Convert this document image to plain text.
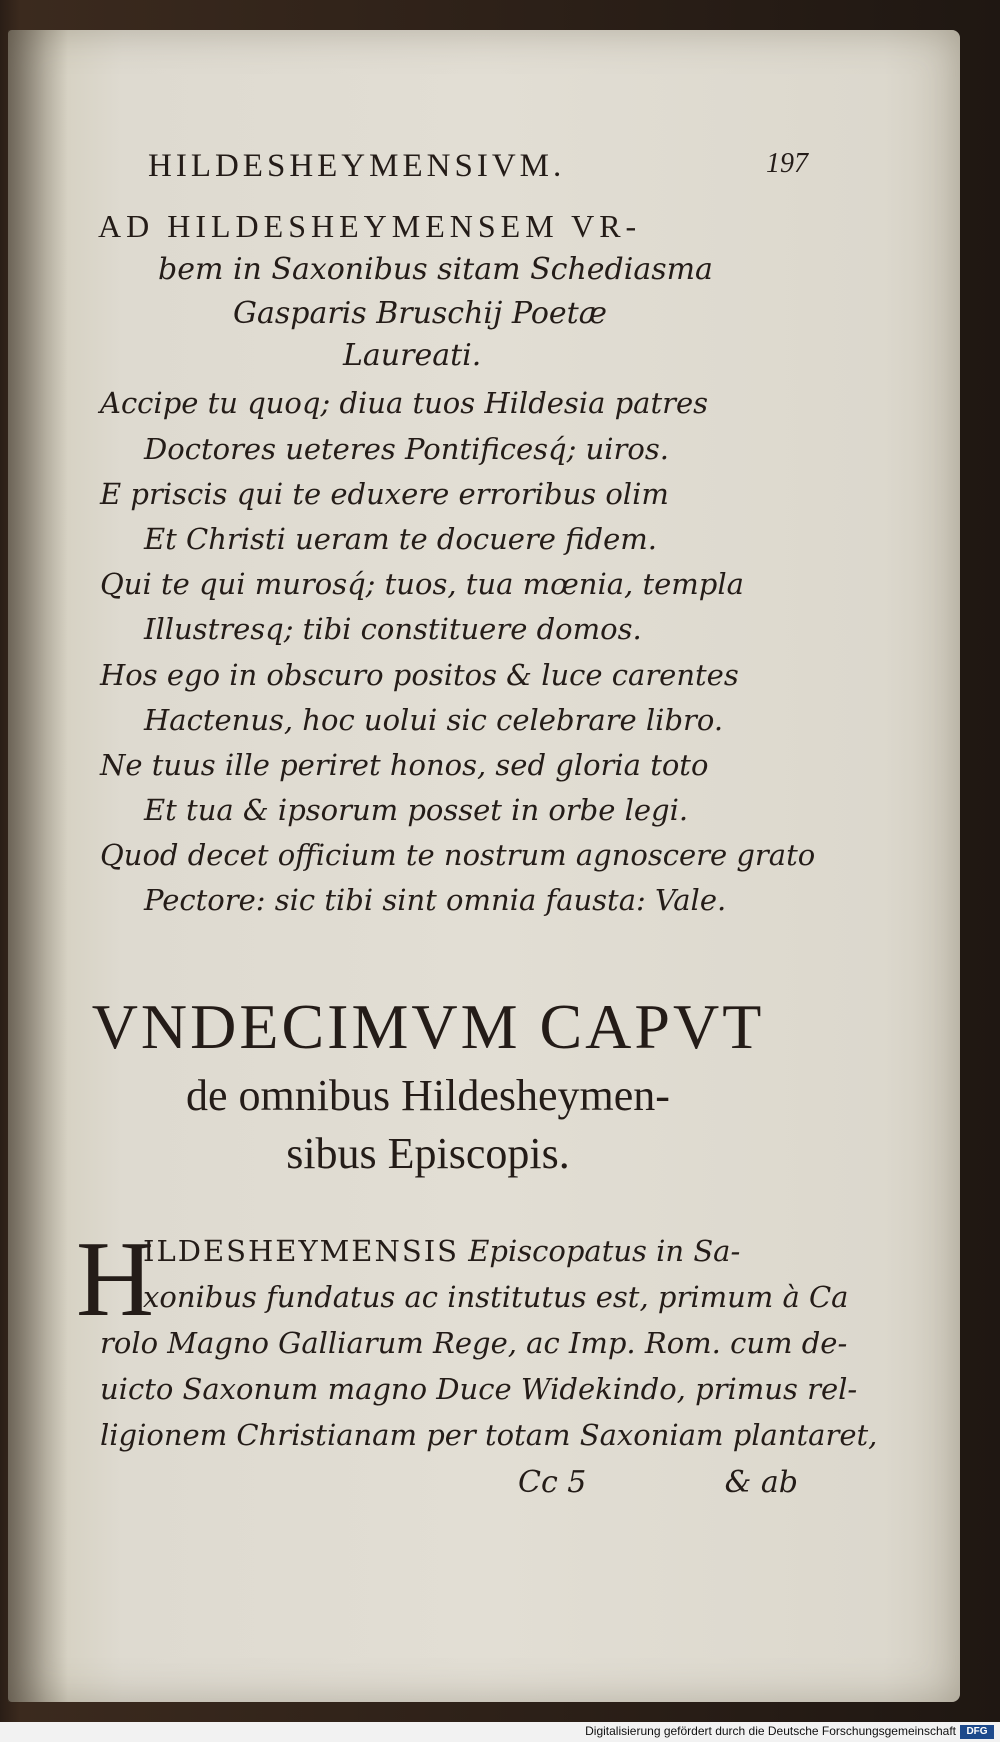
HILDESHEYMENSIVM.	197
AD HILDESHEYMENSEM VR-
bem in Saxonibus sitam Schediasma
Gasparis Bruschij Poetæ
Laureati.
Accipe tu quoq; diua tuos Hildesia patres
Doctores ueteres Pontificesq́; uiros.
E priscis qui te eduxere erroribus olim
Et Christi ueram te docuere fidem.
Qui te qui murosq́; tuos, tua mœnia, templa
Illustresq; tibi constituere domos.
Hos ego in obscuro positos & luce carentes
Hactenus, hoc uolui sic celebrare libro.
Ne tuus ille periret honos, sed gloria toto
Et tua & ipsorum posset in orbe legi.
Quod decet officium te nostrum agnoscere grato
Pectore: sic tibi sint omnia fausta: Vale.
VNDECIMVM CAPVT
de omnibus Hildesheymen-
sibus Episcopis.
H
ILDESHEYMENSIS Episcopatus in Sa-
xonibus fundatus ac institutus est, primum à Ca
rolo Magno Galliarum Rege, ac Imp. Rom. cum de-
uicto Saxonum magno Duce Widekindo, primus rel-
ligionem Christianam per totam Saxoniam plantaret,
Cc 5	& ab
Digitalisierung gefördert durch die Deutsche Forschungsgemeinschaft	DFG
